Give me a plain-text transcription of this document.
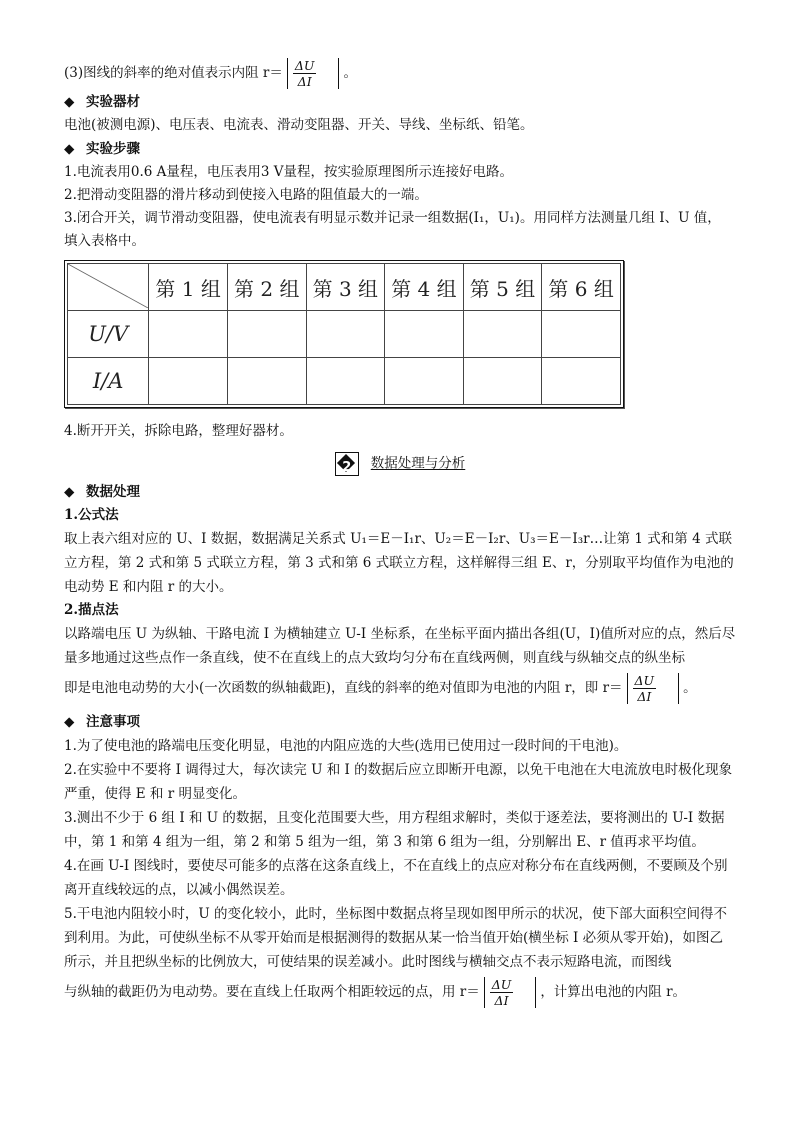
(3)图线的斜率的绝对值表示内阻 $r= \frac{\Delta U}{\Delta I}$ 。
◆ 实验器材
电池(被测电源)、电压表、电流表、滑动变阻器、开关、导线、坐标纸、铅笔。
◆ 实验步骤
1.电流表用0.6 A量程，电压表用3 V量程，按实验原理图所示连接好电路。
2.把滑动变阻器的滑片移动到使接入电路的阻值最大的一端。
3.闭合开关，调节滑动变阻器，使电流表有明显示数并记录一组数据(I₁，U₁)。用同样方法测量几组 I、U 值，
填入表格中。
	第 1 组	第 2 组	第 3 组	第 4 组	第 5 组	第 6 组
U/V						
I/A						
4.断开开关，拆除电路，整理好器材。
2	数据处理与分析
◆ 数据处理
1.公式法
取上表六组对应的 U、I 数据，数据满足关系式 U₁＝E－I₁r、U₂＝E－I₂r、U₃＝E－I₃r…让第 1 式和第 4 式联立方程，第 2 式和第 5 式联立方程，第 3 式和第 6 式联立方程，这样解得三组 E、r，分别取平均值作为电池的电动势 E 和内阻 r 的大小。
2.描点法
以路端电压 U 为纵轴、干路电流 I 为横轴建立 U-I 坐标系，在坐标平面内描出各组(U，I)值所对应的点，然后尽量多地通过这些点作一条直线，使不在直线上的点大致均匀分布在直线两侧，则直线与纵轴交点的纵坐标
即是电池电动势的大小(一次函数的纵轴截距)，直线的斜率的绝对值即为电池的内阻 r，即 $r= \frac{\Delta U}{\Delta I}$ 。
◆ 注意事项
1.为了使电池的路端电压变化明显，电池的内阻应选的大些(选用已使用过一段时间的干电池)。
2.在实验中不要将 I 调得过大，每次读完 U 和 I 的数据后应立即断开电源，以免干电池在大电流放电时极化现象严重，使得 E 和 r 明显变化。
3.测出不少于 6 组 I 和 U 的数据，且变化范围要大些，用方程组求解时，类似于逐差法，要将测出的 U-I 数据中，第 1 和第 4 组为一组，第 2 和第 5 组为一组，第 3 和第 6 组为一组，分别解出 E、r 值再求平均值。
4.在画 U-I 图线时，要使尽可能多的点落在这条直线上，不在直线上的点应对称分布在直线两侧，不要顾及个别离开直线较远的点，以减小偶然误差。
5.干电池内阻较小时，U 的变化较小，此时，坐标图中数据点将呈现如图甲所示的状况，使下部大面积空间得不到利用。为此，可使纵坐标不从零开始而是根据测得的数据从某一恰当值开始(横坐标 I 必须从零开始)，如图乙所示，并且把纵坐标的比例放大，可使结果的误差减小。此时图线与横轴交点不表示短路电流，而图线
与纵轴的截距仍为电动势。要在直线上任取两个相距较远的点，用 $r= \frac{\Delta U}{\Delta I}$ ，计算出电池的内阻 r。
